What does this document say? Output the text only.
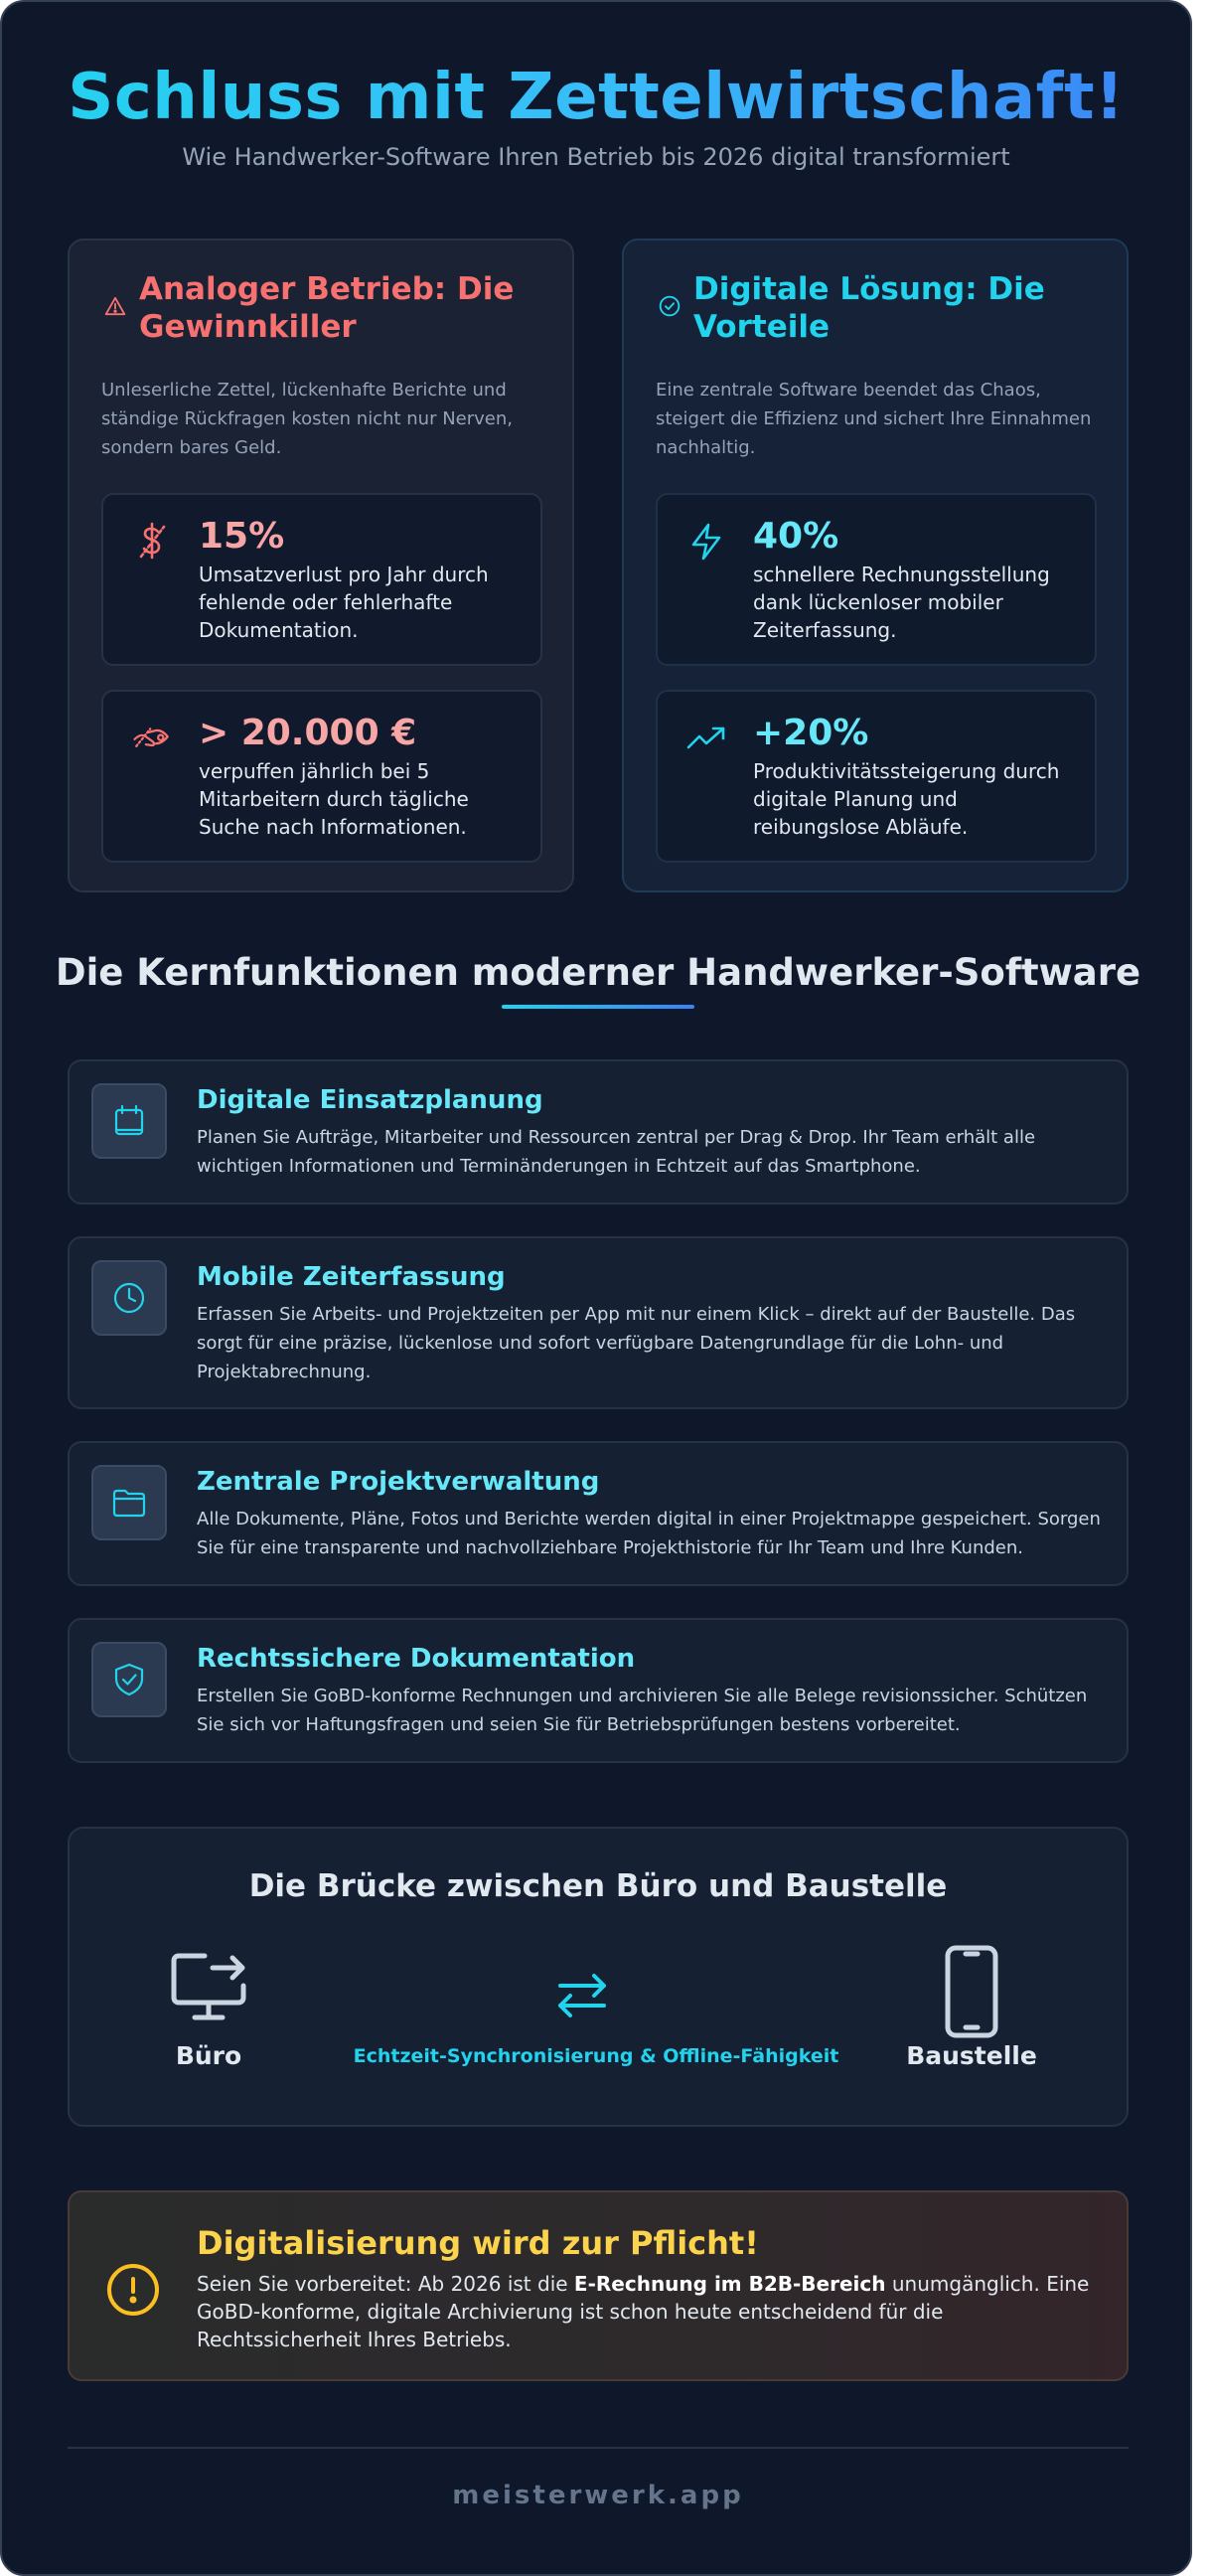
Schluss mit Zettelwirtschaft!

Wie Handwerker-Software Ihren Betrieb bis 2026 digital transformiert

Analoger Betrieb: Die
Gewinnkiller

Unleserliche Zettel, lückenhafte Berichte und ständige Rückfragen kosten nicht nur Nerven, sondern bares Geld.

15%
Umsatzverlust pro Jahr durch fehlende oder fehlerhafte Dokumentation.
> 20.000 €
verpuffen jährlich bei 5 Mitarbeitern durch tägliche Suche nach Informationen.
Digitale Lösung: Die
Vorteile

Eine zentrale Software beendet das Chaos, steigert die Effizienz und sichert Ihre Einnahmen nachhaltig.

40%
schnellere Rechnungsstellung dank lückenloser mobiler Zeiterfassung.
+20%
Produktivitätssteigerung durch digitale Planung und reibungslose Abläufe.
Die Kernfunktionen moderner Handwerker-Software
Digitale Einsatzplanung
Planen Sie Aufträge, Mitarbeiter und Ressourcen zentral per Drag & Drop. Ihr Team erhält alle wichtigen Informationen und Terminänderungen in Echtzeit auf das Smartphone.
Mobile Zeiterfassung
Erfassen Sie Arbeits- und Projektzeiten per App mit nur einem Klick – direkt auf der Baustelle. Das sorgt für eine präzise, lückenlose und sofort verfügbare Datengrundlage für die Lohn- und Projektabrechnung.
Zentrale Projektverwaltung
Alle Dokumente, Pläne, Fotos und Berichte werden digital in einer Projektmappe gespeichert. Sorgen Sie für eine transparente und nachvollziehbare Projekthistorie für Ihr Team und Ihre Kunden.
Rechtssichere Dokumentation
Erstellen Sie GoBD-konforme Rechnungen und archivieren Sie alle Belege revisionssicher. Schützen Sie sich vor Haftungsfragen und seien Sie für Betriebsprüfungen bestens vorbereitet.
Die Brücke zwischen Büro und Baustelle
Büro	Echtzeit-Synchronisierung & Offline-Fähigkeit	Baustelle
Digitalisierung wird zur Pflicht!
Seien Sie vorbereitet: Ab 2026 ist die E-Rechnung im B2B-Bereich unumgänglich. Eine GoBD-konforme, digitale Archivierung ist schon heute entscheidend für die Rechtssicherheit Ihres Betriebs.
meisterwerk.app
